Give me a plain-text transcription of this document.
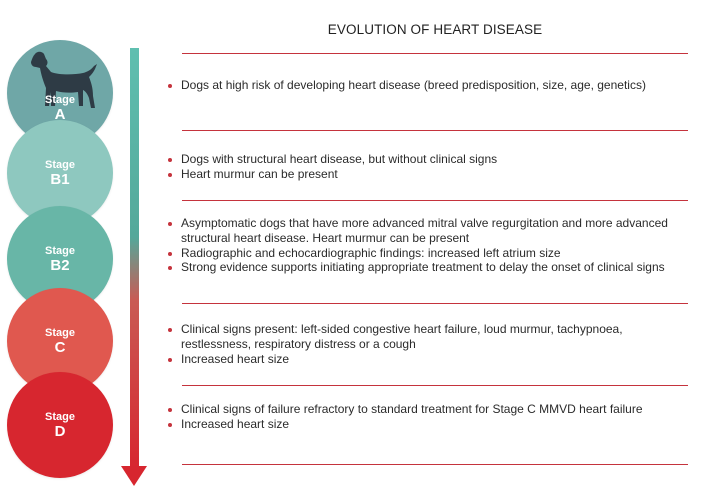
EVOLUTION OF HEART DISEASE
Stage
A
Stage
B1
Stage
B2
Stage
C
Stage
D
Dogs at high risk of developing heart disease (breed predisposition, size, age, genetics)
Dogs with structural heart disease, but without clinical signs
Heart murmur can be present
Asymptomatic dogs that have more advanced mitral valve regurgitation and more advanced structural heart disease. Heart murmur can be present
Radiographic and echocardiographic findings: increased left atrium size
Strong evidence supports initiating appropriate treatment to delay the onset of clinical signs
Clinical signs present: left-sided congestive heart failure, loud murmur, tachypnoea, restlessness, respiratory distress or a cough
Increased heart size
Clinical signs of failure refractory to standard treatment for Stage C MMVD heart failure
Increased heart size
